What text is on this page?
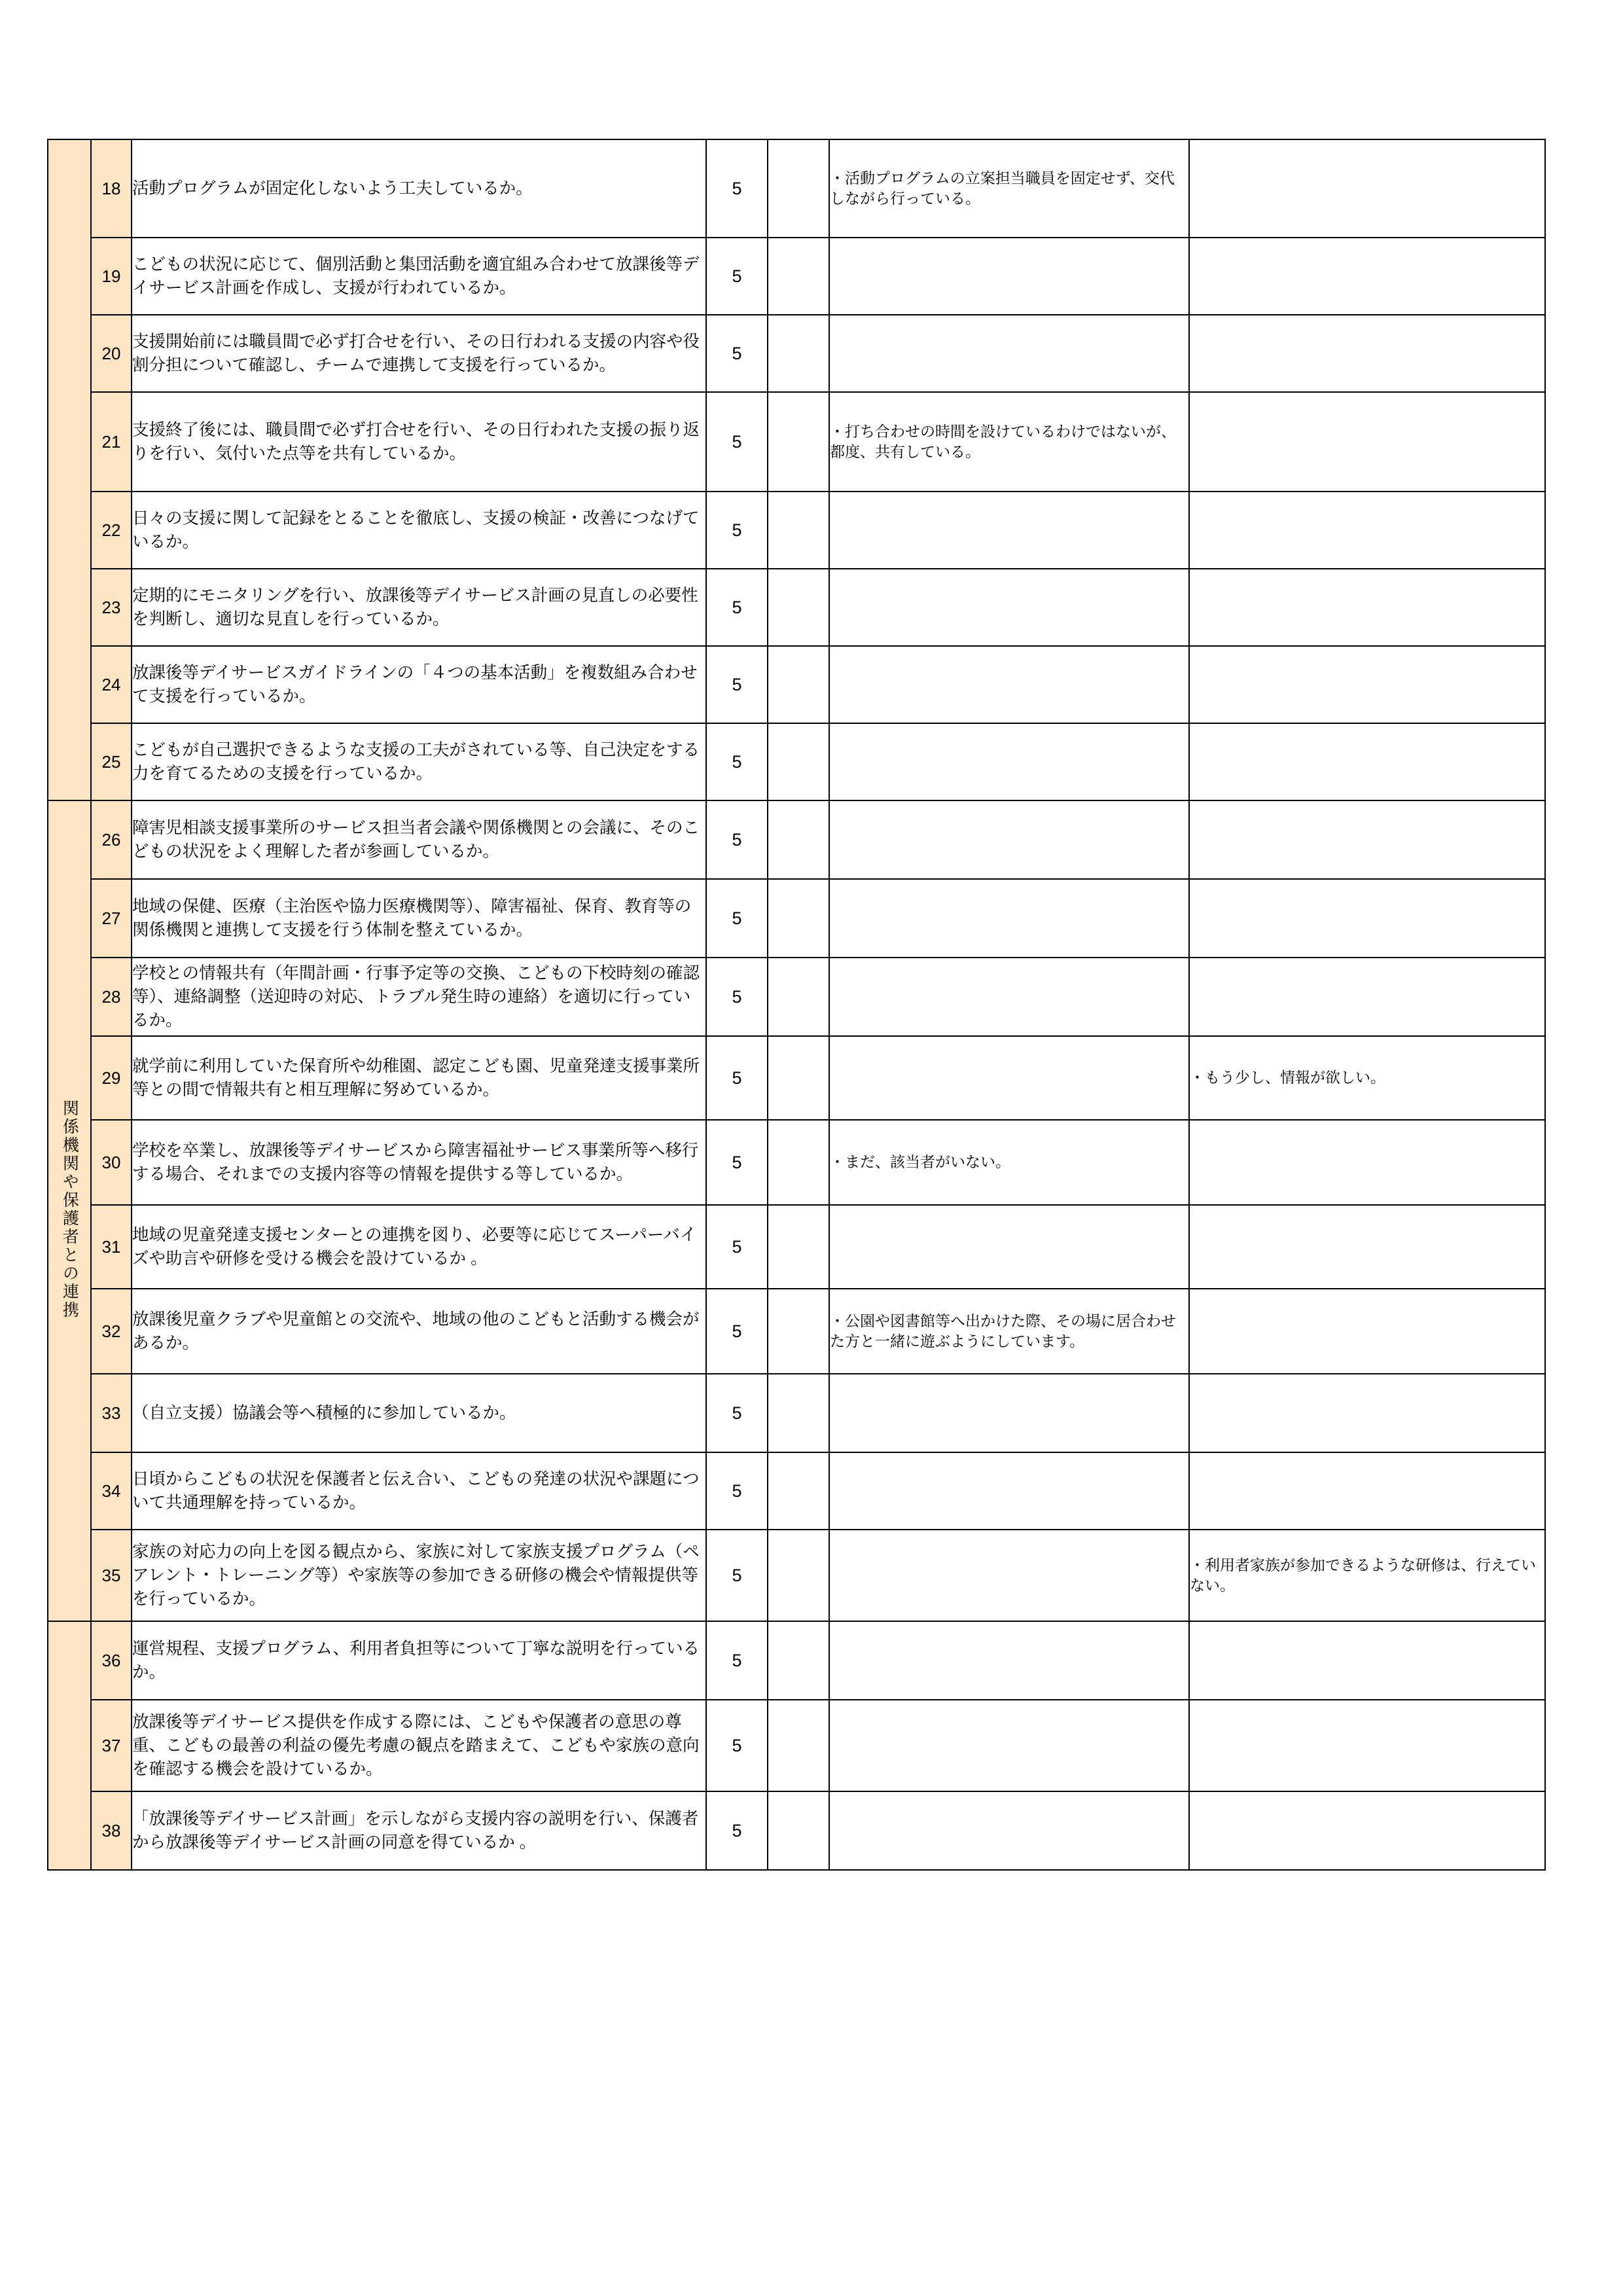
	18	活動プログラムが固定化しないよう工夫しているか。	5		・活動プログラムの立案担当職員を固定せず、交代しながら行っている。	
	19	こどもの状況に応じて、個別活動と集団活動を適宜組み合わせて放課後等デイサービス計画を作成し、支援が行われているか。	5			
	20	支援開始前には職員間で必ず打合せを行い、その日行われる支援の内容や役割分担について確認し、チームで連携して支援を行っているか。	5			
	21	支援終了後には、職員間で必ず打合せを行い、その日行われた支援の振り返りを行い、気付いた点等を共有しているか。	5		・打ち合わせの時間を設けているわけではないが、都度、共有している。	
	22	日々の支援に関して記録をとることを徹底し、支援の検証・改善につなげているか。	5			
	23	定期的にモニタリングを行い、放課後等デイサービス計画の見直しの必要性を判断し、適切な見直しを行っているか。	5			
	24	放課後等デイサービスガイドラインの「４つの基本活動」を複数組み合わせて支援を行っているか。	5			
	25	こどもが自己選択できるような支援の工夫がされている等、自己決定をする力を育てるための支援を行っているか。	5			
関係機関や保護者との連携	26	障害児相談支援事業所のサービス担当者会議や関係機関との会議に、そのこどもの状況をよく理解した者が参画しているか。	5			
	27	地域の保健、医療（主治医や協力医療機関等）、障害福祉、保育、教育等の関係機関と連携して支援を行う体制を整えているか。	5			
	28	学校との情報共有（年間計画・行事予定等の交換、こどもの下校時刻の確認等）、連絡調整（送迎時の対応、トラブル発生時の連絡）を適切に行っているか。	5			
	29	就学前に利用していた保育所や幼稚園、認定こども園、児童発達支援事業所等との間で情報共有と相互理解に努めているか。	5			・もう少し、情報が欲しい。
	30	学校を卒業し、放課後等デイサービスから障害福祉サービス事業所等へ移行する場合、それまでの支援内容等の情報を提供する等しているか。	5		・まだ、該当者がいない。	
	31	地域の児童発達支援センターとの連携を図り、必要等に応じてスーパーバイズや助言や研修を受ける機会を設けているか 。	5			
	32	放課後児童クラブや児童館との交流や、地域の他のこどもと活動する機会があるか。	5		・公園や図書館等へ出かけた際、その場に居合わせた方と一緒に遊ぶようにしています。	
	33	（自立支援）協議会等へ積極的に参加しているか。	5			
	34	日頃からこどもの状況を保護者と伝え合い、こどもの発達の状況や課題について共通理解を持っているか。	5			
	35	家族の対応力の向上を図る観点から、家族に対して家族支援プログラム（ペアレント・トレーニング等）や家族等の参加できる研修の機会や情報提供等を行っているか。	5			・利用者家族が参加できるような研修は、行えていない。
	36	運営規程、支援プログラム、利用者負担等について丁寧な説明を行っているか。	5			
	37	放課後等デイサービス提供を作成する際には、こどもや保護者の意思の尊重、こどもの最善の利益の優先考慮の観点を踏まえて、こどもや家族の意向を確認する機会を設けているか。	5			
	38	「放課後等デイサービス計画」を示しながら支援内容の説明を行い、保護者から放課後等デイサービス計画の同意を得ているか 。	5			
